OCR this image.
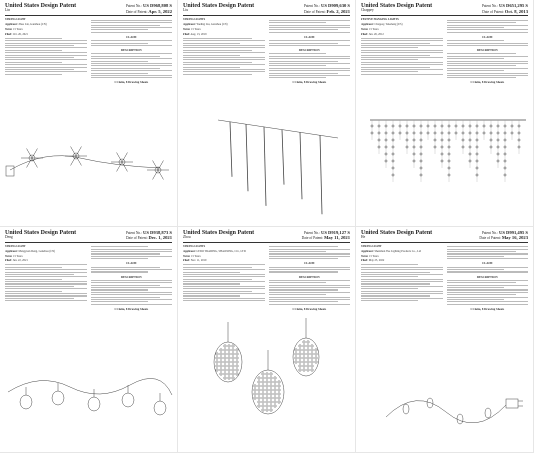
United States Design Patent
Lin
Patent No.: US D968,808 S
Date of Patent: Apr. 5, 2022

STRING LIGHT

Applicant: Zhao Lin, Ganzhou (CN)

Term: 15 Years

Filed: Oct. 26, 2021

CLAIM
DESCRIPTION
1 Claim, 8 Drawing Sheets
United States Design Patent
Liu
Patent No.: US D909,630 S
Date of Patent: Feb. 2, 2021

STRING LIGHTS

Applicant: Yueling Liu, Ganzhou (CN)

Term: 15 Years

Filed: Aug. 13, 2019

CLAIM
DESCRIPTION
1 Claim, 8 Drawing Sheets
United States Design Patent
Chappey
Patent No.: US D651,295 S
Date of Patent: Oct. 8, 2013

FESTIVE HANGING LIGHTS

Applicant: Chappey, Tekebeng (US)

Term: 15 Years

Filed: Jun. 26, 2012

CLAIM
DESCRIPTION
1 Claim, 8 Drawing Sheets
United States Design Patent
Deng
Patent No.: US D938,873 S
Date of Patent: Dec. 1, 2021

STRING LIGHT

Applicant: Mengyuan Deng, Ganzhou (CN)

Term: 15 Years

Filed: Jun. 22, 2021

CLAIM
DESCRIPTION
1 Claim, 8 Drawing Sheets
United States Design Patent
Zhou
Patent No.: US D919,127 S
Date of Patent: May 11, 2021

STRING LIGHTS

Applicant: LEDO TRADING, SHAOXING, CO., LTD

Term: 15 Years

Filed: Nov. 11, 2019

CLAIM
DESCRIPTION
1 Claim, 8 Drawing Sheets
United States Design Patent
He
Patent No.: US D991,495 S
Date of Patent: May 16, 2023

STRING LIGHT

Applicant: Shenzhen Yue Lighting Products Co., Ltd

Term: 15 Years

Filed: May 25, 2022

CLAIM
DESCRIPTION
1 Claim, 8 Drawing Sheets
